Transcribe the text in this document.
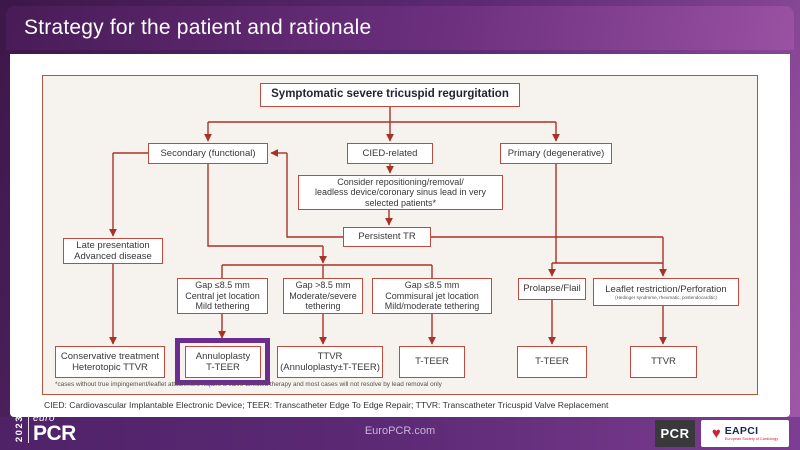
Strategy for the patient and rationale
Symptomatic severe tricuspid regurgitation
Secondary (functional)	CIED-related	Primary (degenerative)
Consider repositioning/removal/
leadless device/coronary sinus lead in very
selected patients*
Persistent TR
Late presentation
Advanced disease
Gap ≤8.5 mm
Central jet location
Mild tethering
Gap >8.5 mm
Moderate/severe
tethering
Gap ≤8.5 mm
Commisural jet location
Mild/moderate tethering
Prolapse/Flail	Leaflet restriction/Perforation
(Hedinger syndrome, rheumatic, postendocarditic)
Conservative treatment
Heterotopic TTVR
Annuloplasty
T-TEER
TTVR
(Annuloplasty±T-TEER)
T-TEER	T-TEER	TTVR
*cases without true impingement/leaflet attachment require a valve-directed therapy and most cases will not resolve by lead removal only
CIED: Cardiovascular Implantable Electronic Device; TEER: Transcatheter Edge To Edge Repair; TTVR: Transcatheter Tricuspid Valve Replacement
EuroPCR.com
2023 euro
PCR	PCR	♥ EAPCI
European Society of Cardiology
